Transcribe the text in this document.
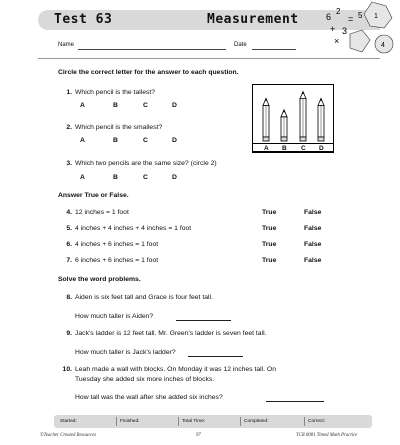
Test 63	Measurement	6
2
= 5
+ 3
×
1
4
Name	Date
Circle the correct letter for the answer to each question.
1. Which pencil is the tallest?
A	B	C	D
2. Which pencil is the smallest?
A	B	C	D
3. Which two pencils are the same size? (circle 2)
A	B	C	D
A B C D
Answer True or False.
4. 12 inches = 1 foot	True	False
5. 4 inches + 4 inches + 4 inches = 1 foot	True	False
6. 4 inches + 6 inches = 1 foot	True	False
7. 6 inches + 6 inches = 1 foot	True	False
Solve the word problems.
8. Aiden is six feet tall and Grace is four feet tall.
How much taller is Aiden?
9. Jack's ladder is 12 feet tall. Mr. Green's ladder is seven feet tall.
How much taller is Jack's ladder?
10. Leah made a wall with blocks. On Monday it was 12 inches tall. On
Tuesday she added six more inches of blocks.
How tall was the wall after she added six inches?
Started:	Finished:	Total Time:	Completed:	Correct:
©Teacher Created Resources	97	TCR 8081 Timed Math Practice
